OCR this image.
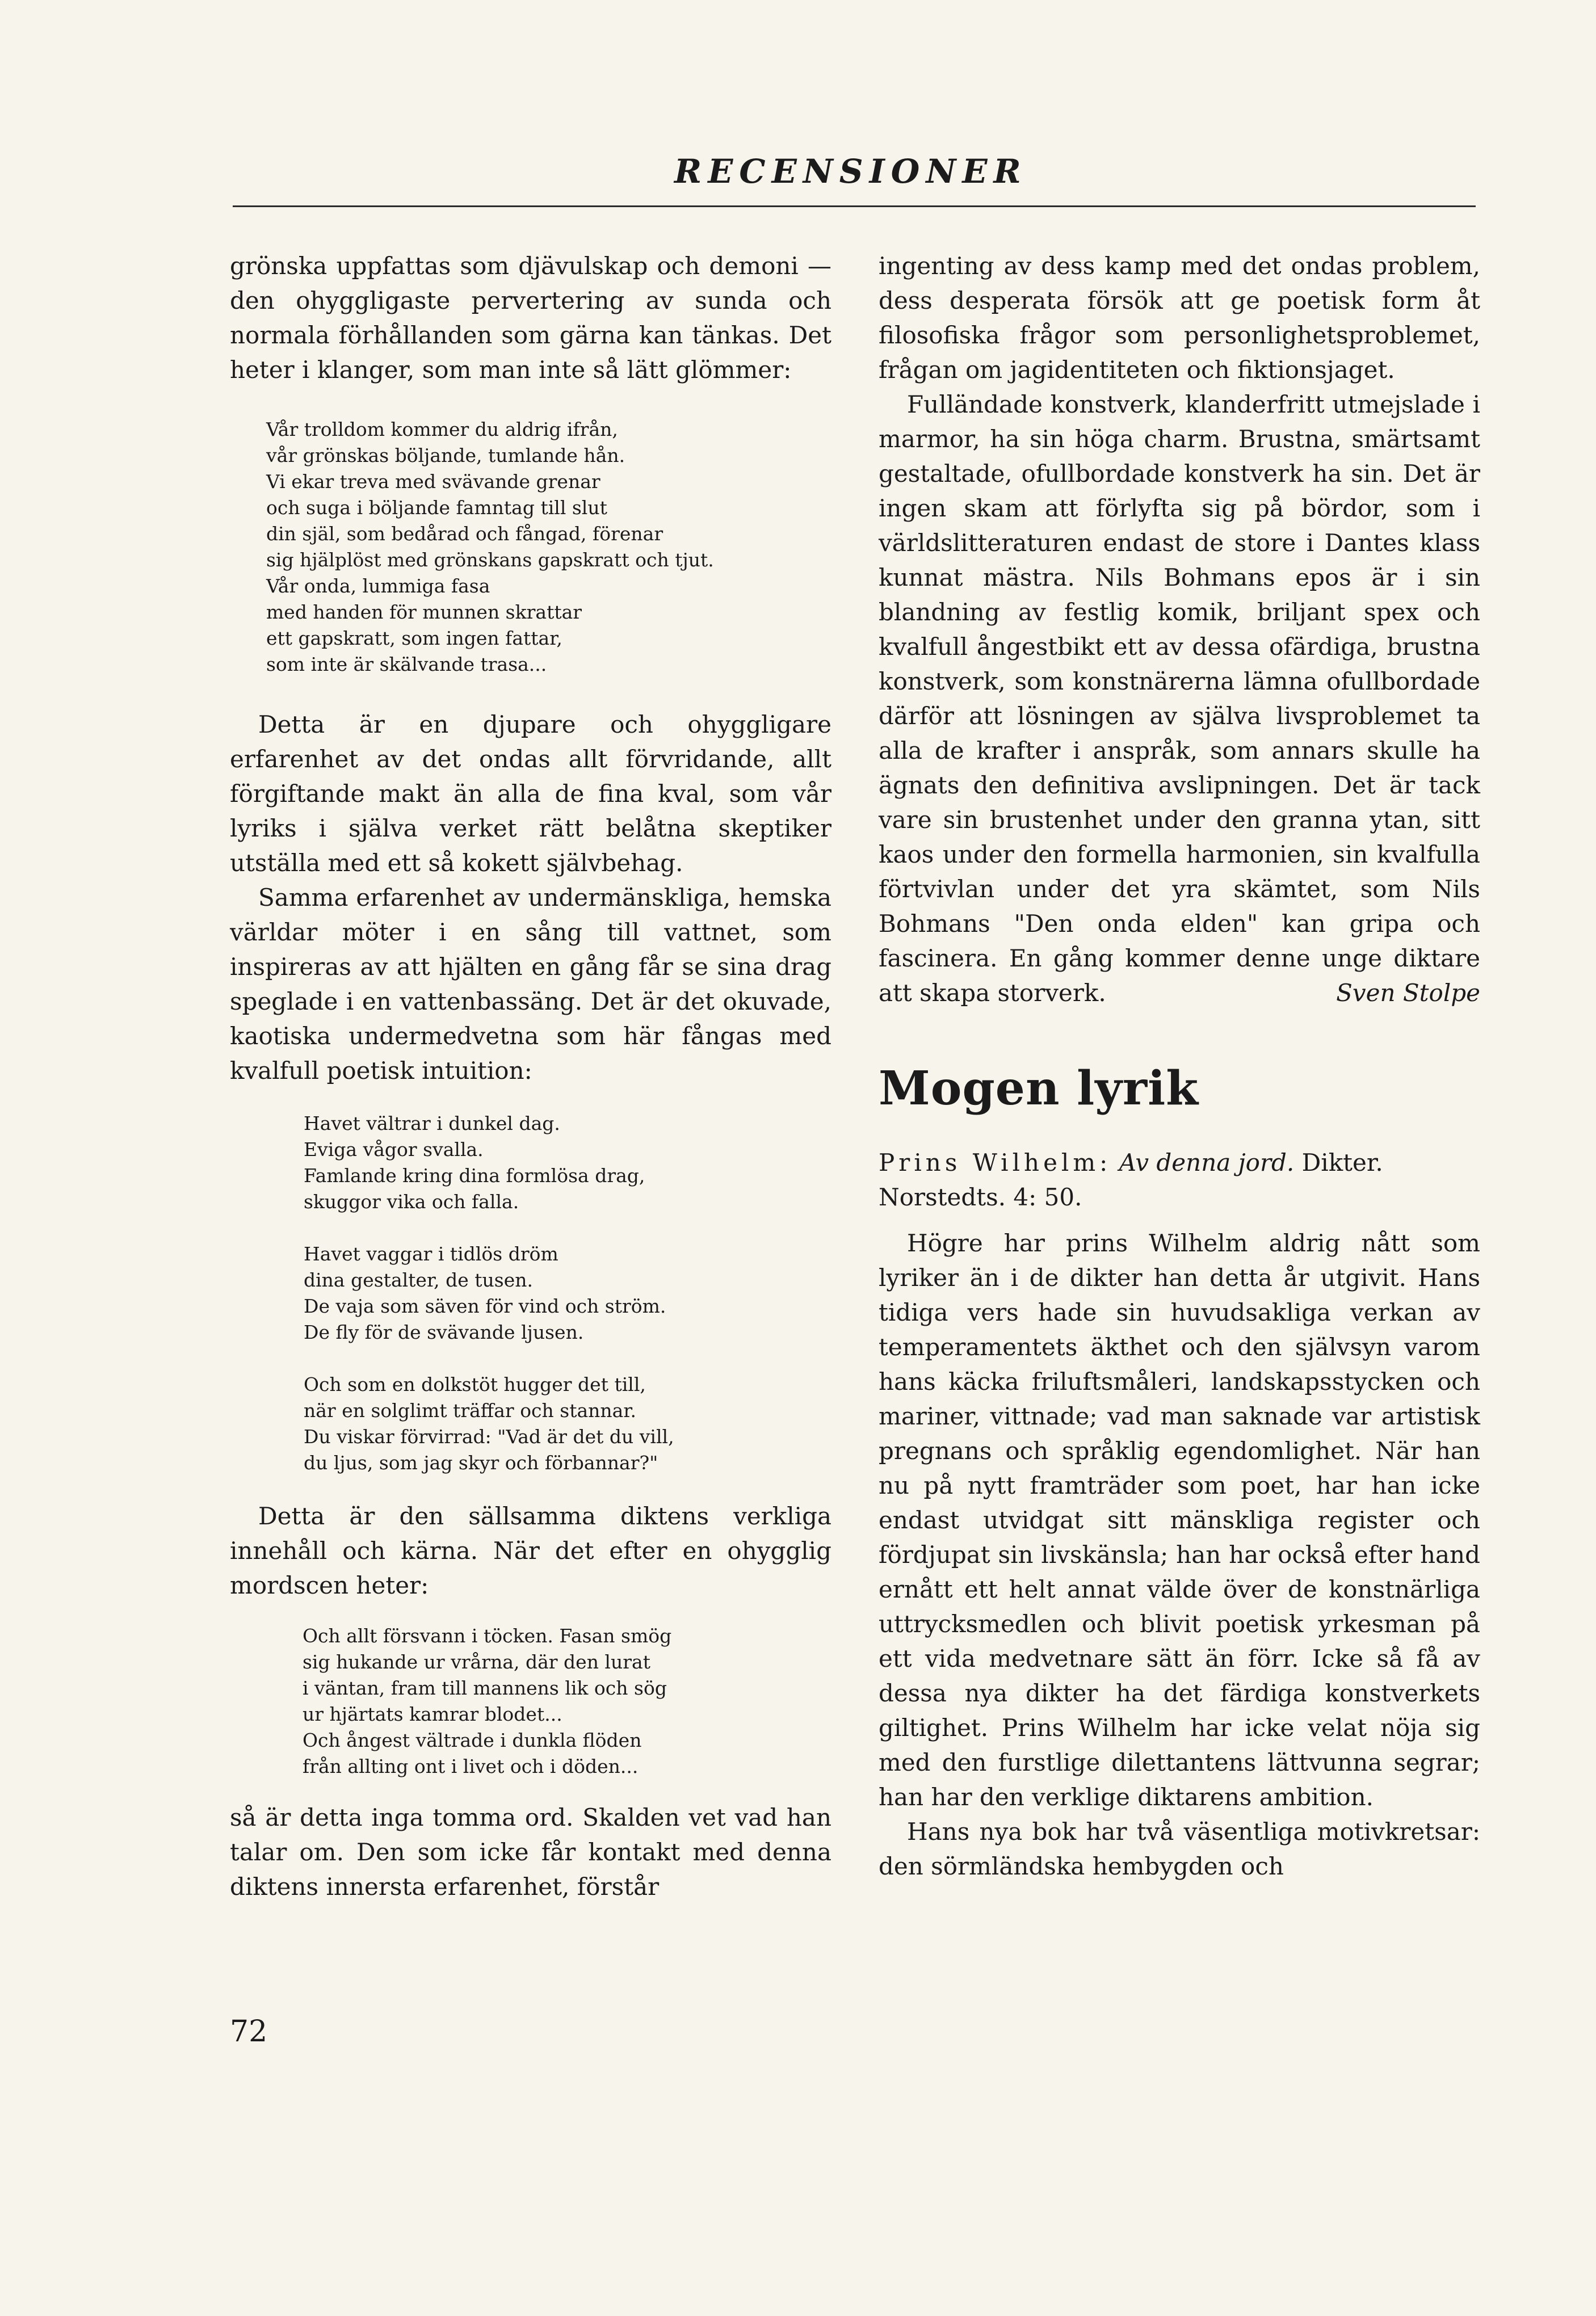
RECENSIONER

grönska uppfattas som djävulskap och demoni — den ohyggligaste pervertering av sunda och normala förhållanden som gärna kan tänkas. Det heter i klanger, som man inte så lätt glömmer:

Vår trolldom kommer du aldrig ifrån,
vår grönskas böljande, tumlande hån.
Vi ekar treva med svävande grenar
och suga i böljande famntag till slut
din själ, som bedårad och fångad, förenar
sig hjälplöst med grönskans gapskratt och tjut.
Vår onda, lummiga fasa
med handen för munnen skrattar
ett gapskratt, som ingen fattar,
som inte är skälvande trasa...

Detta är en djupare och ohyggligare erfarenhet av det ondas allt förvridande, allt förgiftande makt än alla de fina kval, som vår lyriks i själva verket rätt belåtna skeptiker utställa med ett så kokett självbehag.

Samma erfarenhet av undermänskliga, hemska världar möter i en sång till vattnet, som inspireras av att hjälten en gång får se sina drag speglade i en vattenbassäng. Det är det okuvade, kaotiska undermedvetna som här fångas med kvalfull poetisk intuition:

Havet vältrar i dunkel dag.
Eviga vågor svalla.
Famlande kring dina formlösa drag,
skuggor vika och falla.
Havet vaggar i tidlös dröm
dina gestalter, de tusen.
De vaja som säven för vind och ström.
De fly för de svävande ljusen.
Och som en dolkstöt hugger det till,
när en solglimt träffar och stannar.
Du viskar förvirrad: "Vad är det du vill,
du ljus, som jag skyr och förbannar?"

Detta är den sällsamma diktens verkliga innehåll och kärna. När det efter en ohygglig mordscen heter:

Och allt försvann i töcken. Fasan smög
sig hukande ur vrårna, där den lurat
i väntan, fram till mannens lik och sög
ur hjärtats kamrar blodet...
Och ångest vältrade i dunkla flöden
från allting ont i livet och i döden...

så är detta inga tomma ord. Skalden vet vad han talar om. Den som icke får kontakt med denna diktens innersta erfarenhet, förstår

ingenting av dess kamp med det ondas problem, dess desperata försök att ge poetisk form åt filosofiska frågor som personlighetsproblemet, frågan om jagidentiteten och fiktionsjaget.

Fulländade konstverk, klanderfritt utmejslade i marmor, ha sin höga charm. Brustna, smärtsamt gestaltade, ofullbordade konstverk ha sin. Det är ingen skam att förlyfta sig på bördor, som i världslitteraturen endast de store i Dantes klass kunnat mästra. Nils Bohmans epos är i sin blandning av festlig komik, briljant spex och kvalfull ångestbikt ett av dessa ofärdiga, brustna konstverk, som konstnärerna lämna ofullbordade därför att lösningen av själva livsproblemet ta alla de krafter i anspråk, som annars skulle ha ägnats den definitiva avslipningen. Det är tack vare sin brustenhet under den granna ytan, sitt kaos under den formella harmonien, sin kvalfulla förtvivlan under det yra skämtet, som Nils Bohmans "Den onda elden" kan gripa och fascinera. En gång kommer denne unge diktare att skapa storverk.	Sven Stolpe

Mogen lyrik

Prins Wilhelm: Av denna jord. Dikter. Norstedts. 4: 50.

Högre har prins Wilhelm aldrig nått som lyriker än i de dikter han detta år utgivit. Hans tidiga vers hade sin huvudsakliga verkan av temperamentets äkthet och den självsyn varom hans käcka friluftsmåleri, landskapsstycken och mariner, vittnade; vad man saknade var artistisk pregnans och språklig egendomlighet. När han nu på nytt framträder som poet, har han icke endast utvidgat sitt mänskliga register och fördjupat sin livskänsla; han har också efter hand ernått ett helt annat välde över de konstnärliga uttrycksmedlen och blivit poetisk yrkesman på ett vida medvetnare sätt än förr. Icke så få av dessa nya dikter ha det färdiga konstverkets giltighet. Prins Wilhelm har icke velat nöja sig med den furstlige dilettantens lättvunna segrar; han har den verklige diktarens ambition.

Hans nya bok har två väsentliga motivkretsar: den sörmländska hembygden och

72
